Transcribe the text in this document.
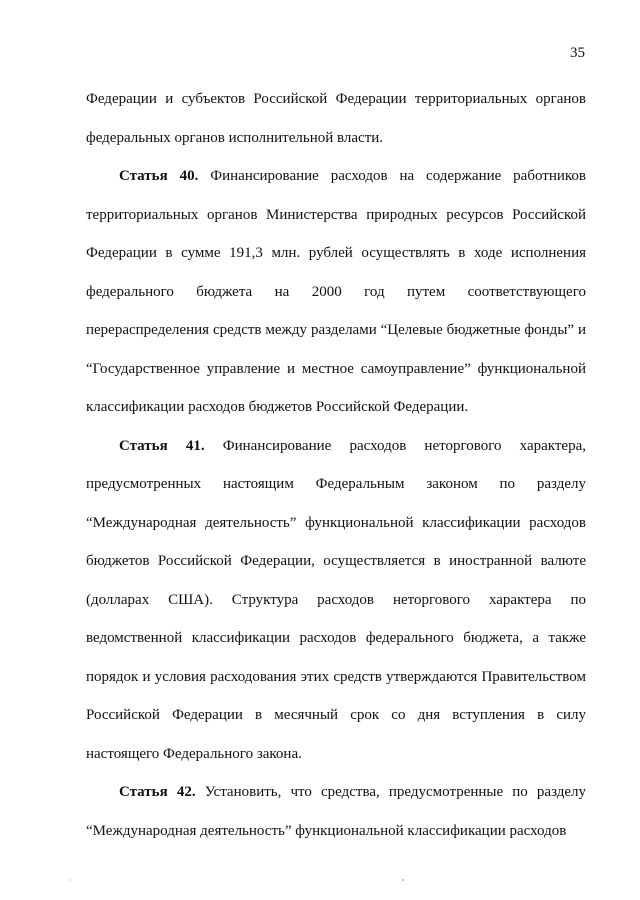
35

Федерации и субъектов Российской Федерации территориальных органов федеральных органов исполнительной власти.

Статья 40. Финансирование расходов на содержание работников территориальных органов Министерства природных ресурсов Российской Федерации в сумме 191,3 млн. рублей осуществлять в ходе исполнения федерального бюджета на 2000 год путем соответствующего перераспределения средств между разделами “Целевые бюджетные фонды” и “Государственное управление и местное самоуправление” функциональной классификации расходов бюджетов Российской Федерации.

Статья 41. Финансирование расходов неторгового характера, предусмотренных настоящим Федеральным законом по разделу “Международная деятельность” функциональной классификации расходов бюджетов Российской Федерации, осуществляется в иностранной валюте (долларах США). Структура расходов неторгового характера по ведомственной классификации расходов федерального бюджета, а также порядок и условия расходования этих средств утверждаются Правительством Российской Федерации в месячный срок со дня вступления в силу настоящего Федерального закона.

Статья 42. Установить, что средства, предусмотренные по разделу “Международная деятельность” функциональной классификации расходов
